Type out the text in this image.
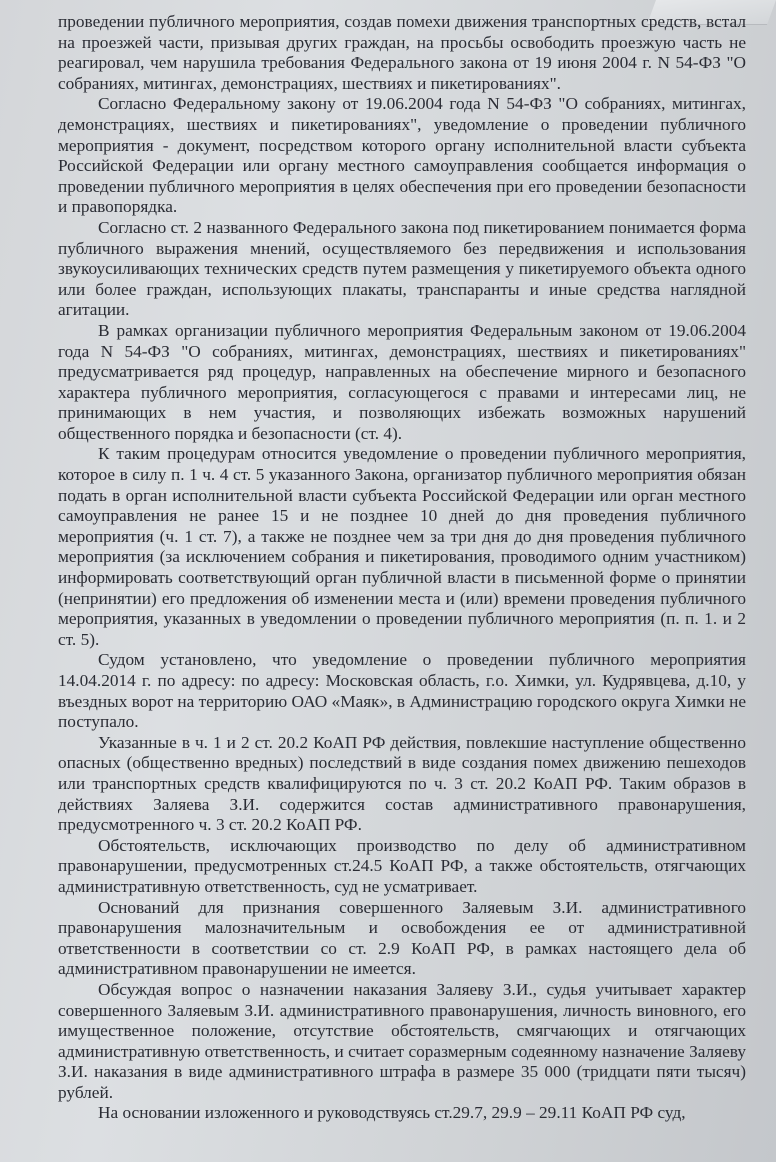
проведении публичного мероприятия, создав помехи движения транспортных средств, встал на проезжей части, призывая других граждан, на просьбы освободить проезжую часть не реагировал, чем нарушила требования Федерального закона от 19 июня 2004 г. N 54-ФЗ "О собраниях, митингах, демонстрациях, шествиях и пикетированиях".

Согласно Федеральному закону от 19.06.2004 года N 54-ФЗ "О собраниях, митингах, демонстрациях, шествиях и пикетированиях", уведомление о проведении публичного мероприятия - документ, посредством которого органу исполнительной власти субъекта Российской Федерации или органу местного самоуправления сообщается информация о проведении публичного мероприятия в целях обеспечения при его проведении безопасности и правопорядка.

Согласно ст. 2 названного Федерального закона под пикетированием понимается форма публичного выражения мнений, осуществляемого без передвижения и использования звукоусиливающих технических средств путем размещения у пикетируемого объекта одного или более граждан, использующих плакаты, транспаранты и иные средства наглядной агитации.

В рамках организации публичного мероприятия Федеральным законом от 19.06.2004 года N 54-ФЗ "О собраниях, митингах, демонстрациях, шествиях и пикетированиях" предусматривается ряд процедур, направленных на обеспечение мирного и безопасного характера публичного мероприятия, согласующегося с правами и интересами лиц, не принимающих в нем участия, и позволяющих избежать возможных нарушений общественного порядка и безопасности (ст. 4).

К таким процедурам относится уведомление о проведении публичного мероприятия, которое в силу п. 1 ч. 4 ст. 5 указанного Закона, организатор публичного мероприятия обязан подать в орган исполнительной власти субъекта Российской Федерации или орган местного самоуправления не ранее 15 и не позднее 10 дней до дня проведения публичного мероприятия (ч. 1 ст. 7), а также не позднее чем за три дня до дня проведения публичного мероприятия (за исключением собрания и пикетирования, проводимого одним участником) информировать соответствующий орган публичной власти в письменной форме о принятии (непринятии) его предложения об изменении места и (или) времени проведения публичного мероприятия, указанных в уведомлении о проведении публичного мероприятия (п. п. 1. и 2 ст. 5).

Судом установлено, что уведомление о проведении публичного мероприятия 14.04.2014 г. по адресу: по адресу: Московская область, г.о. Химки, ул. Кудрявцева, д.10, у въездных ворот на территорию ОАО «Маяк», в Администрацию городского округа Химки не поступало.

Указанные в ч. 1 и 2 ст. 20.2 КоАП РФ действия, повлекшие наступление общественно опасных (общественно вредных) последствий в виде создания помех движению пешеходов или транспортных средств квалифицируются по ч. 3 ст. 20.2 КоАП РФ. Таким образов в действиях Заляева З.И. содержится состав административного правонарушения, предусмотренного ч. 3 ст. 20.2 КоАП РФ.

Обстоятельств, исключающих производство по делу об административном правонарушении, предусмотренных ст.24.5 КоАП РФ, а также обстоятельств, отягчающих административную ответственность, суд не усматривает.

Оснований для признания совершенного Заляевым З.И. административного правонарушения малозначительным и освобождения ее от административной ответственности в соответствии со ст. 2.9 КоАП РФ, в рамках настоящего дела об административном правонарушении не имеется.

Обсуждая вопрос о назначении наказания Заляеву З.И., судья учитывает характер совершенного Заляевым З.И. административного правонарушения, личность виновного, его имущественное положение, отсутствие обстоятельств, смягчающих и отягчающих административную ответственность, и считает соразмерным содеянному назначение Заляеву З.И. наказания в виде административного штрафа в размере 35 000 (тридцати пяти тысяч) рублей.

На основании изложенного и руководствуясь ст.29.7, 29.9 – 29.11 КоАП РФ суд,
